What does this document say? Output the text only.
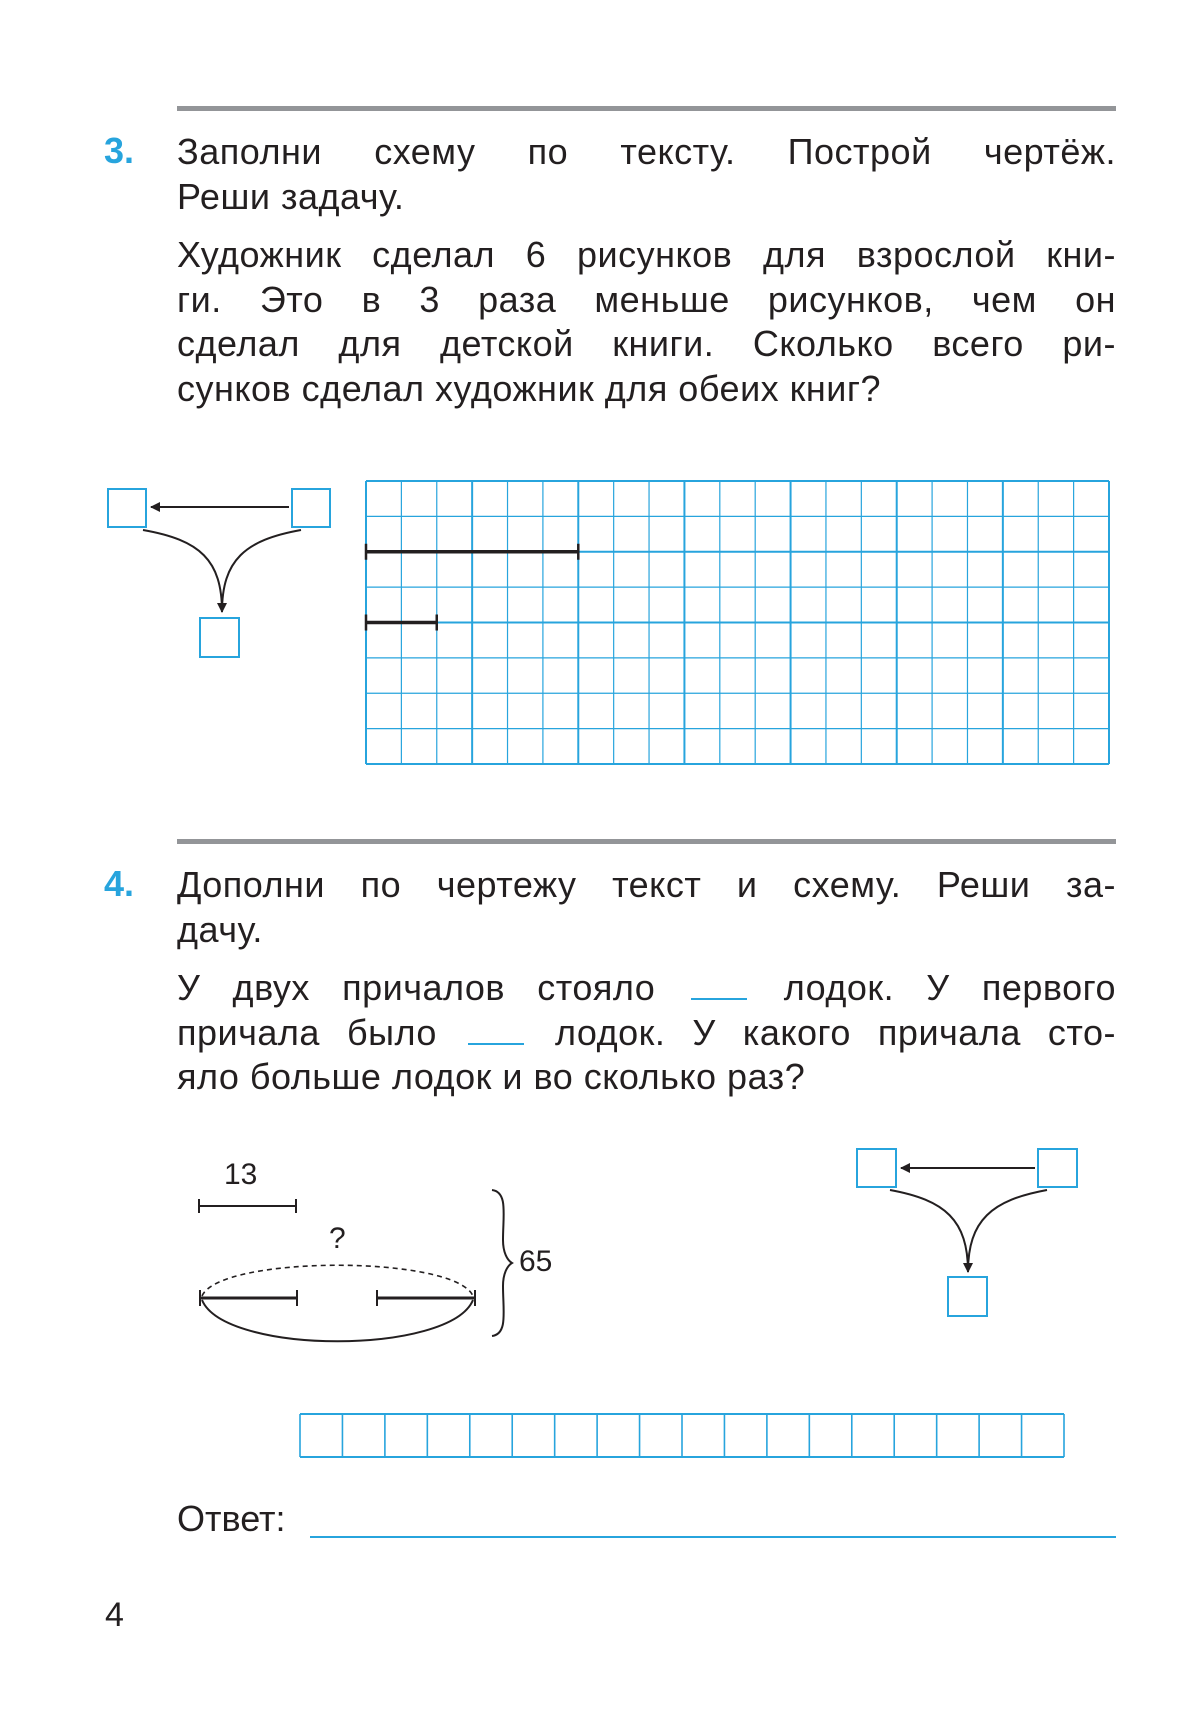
3. Заполни схему по тексту. Построй чертёж.
Реши задачу.
Художник сделал 6 рисунков для взрослой кни-
ги. Это в 3 раза меньше рисунков, чем он
сделал для детской книги. Сколько всего ри-
сунков сделал художник для обеих книг?
4. Дополни по чертежу текст и схему. Реши за-
дачу.
У двух причалов стояло	лодок. У первого
причала было	лодок. У какого причала сто-
яло больше лодок и во сколько раз?
13
?
65
Ответ:
4
